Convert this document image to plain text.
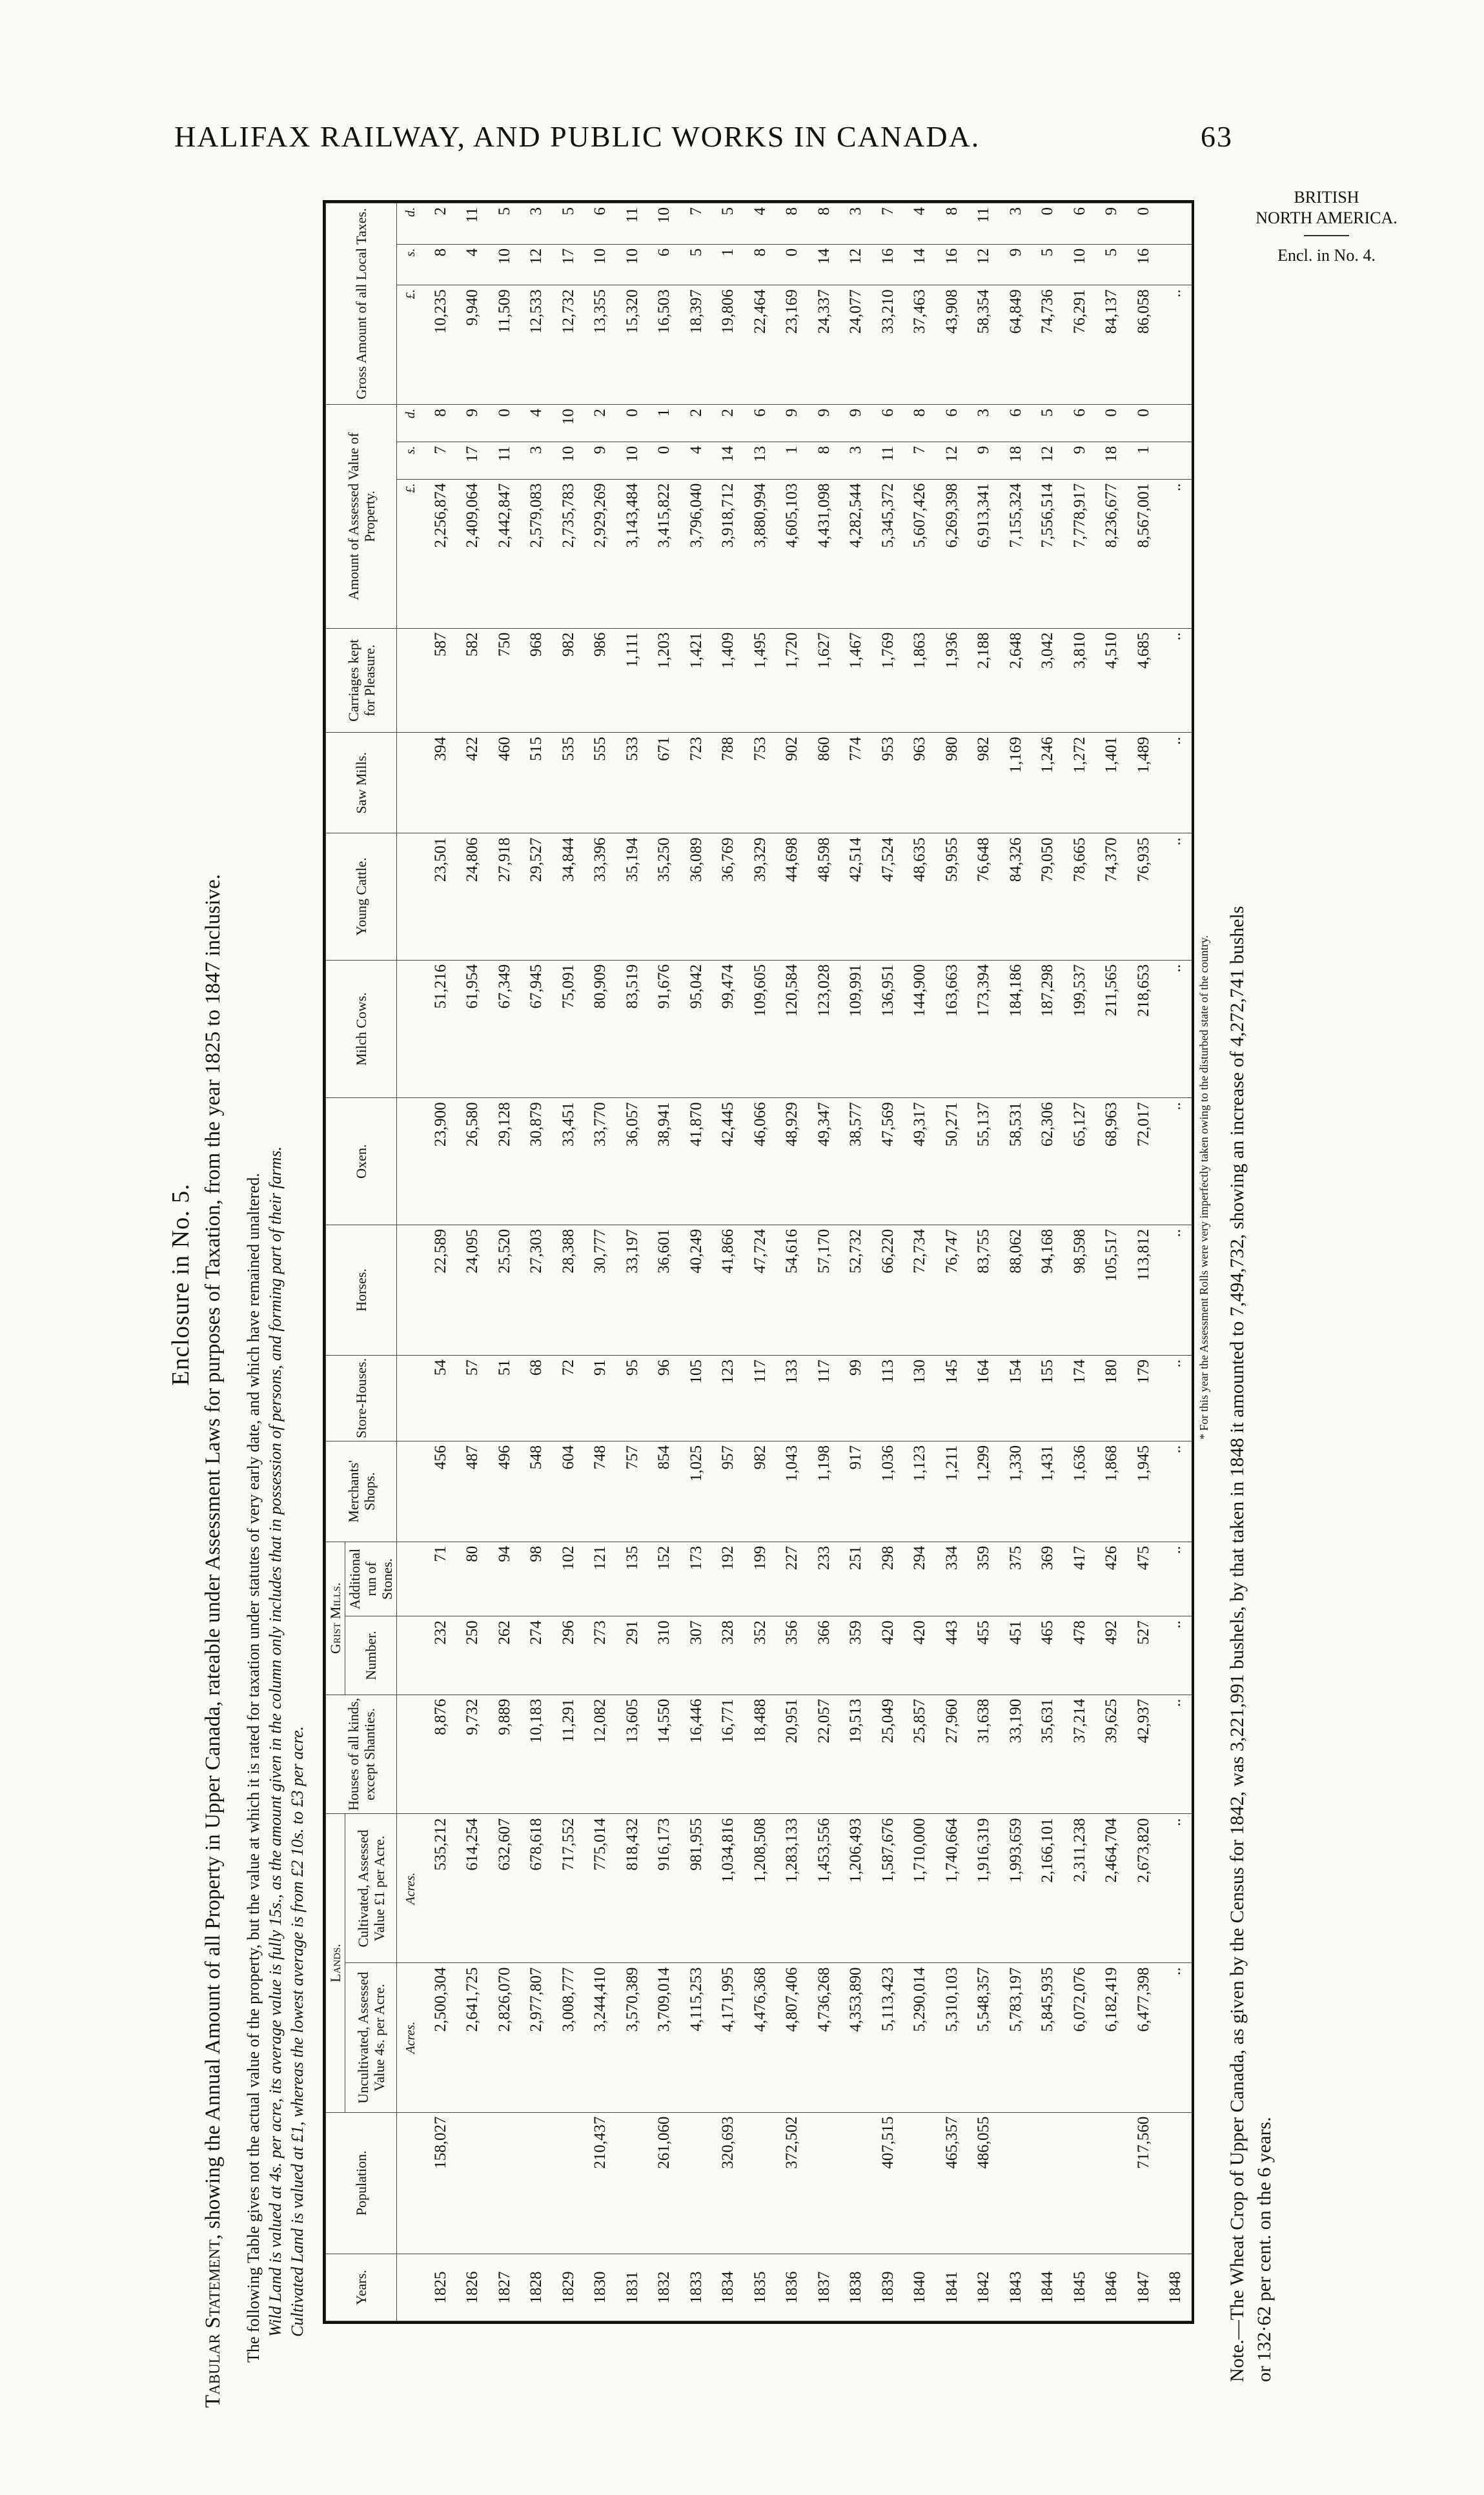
HALIFAX RAILWAY, AND PUBLIC WORKS IN CANADA.	63
BRITISH
NORTH AMERICA.
Encl. in No. 4.
Enclosure in No. 5.
Tabular Statement, showing the Annual Amount of all Property in Upper Canada, rateable under Assessment Laws for purposes of Taxation, from the year 1825 to 1847 inclusive. The following Table gives not the actual value of the property, but the value at which it is rated for taxation under statutes of very early date, and which have remained unaltered. Wild Land is valued at 4s. per acre, its average value is fully 15s., as the amount given in the column only includes that in possession of persons, and forming part of their farms. Cultivated Land is valued at £1, whereas the lowest average is from £2 10s. to £3 per acre.	Years.	Population.	Lands.		Houses of all kinds, except Shanties.	Grist Mills.		Merchants' Shops.	Store-Houses.	Horses.	Oxen.	Milch Cows.	Young Cattle.	Saw Mills.	Carriages kept for Pleasure.	Amount of Assessed Value of Property.			Gross Amount of all Local Taxes.		
		Uncultivated, Assessed Value 4s. per Acre.	Cultivated, Assessed Value £1 per Acre.		Number.	Additional run of Stones.														
		Acres.	Acres.												£.	s.	d.	£.	s.	d.
1825	158,027	2,500,304	535,212	8,876	232	71	456	54	22,589	23,900	51,216	23,501	394	587	2,256,874	7	8	10,235	8	2
1826		2,641,725	614,254	9,732	250	80	487	57	24,095	26,580	61,954	24,806	422	582	2,409,064	17	9	9,940	4	11
1827		2,826,070	632,607	9,889	262	94	496	51	25,520	29,128	67,349	27,918	460	750	2,442,847	11	0	11,509	10	5
1828		2,977,807	678,618	10,183	274	98	548	68	27,303	30,879	67,945	29,527	515	968	2,579,083	3	4	12,533	12	3
1829		3,008,777	717,552	11,291	296	102	604	72	28,388	33,451	75,091	34,844	535	982	2,735,783	10	10	12,732	17	5
1830	210,437	3,244,410	775,014	12,082	273	121	748	91	30,777	33,770	80,909	33,396	555	986	2,929,269	9	2	13,355	10	6
1831		3,570,389	818,432	13,605	291	135	757	95	33,197	36,057	83,519	35,194	533	1,111	3,143,484	10	0	15,320	10	11
1832	261,060	3,709,014	916,173	14,550	310	152	854	96	36,601	38,941	91,676	35,250	671	1,203	3,415,822	0	1	16,503	6	10
1833		4,115,253	981,955	16,446	307	173	1,025	105	40,249	41,870	95,042	36,089	723	1,421	3,796,040	4	2	18,397	5	7
1834	320,693	4,171,995	1,034,816	16,771	328	192	957	123	41,866	42,445	99,474	36,769	788	1,409	3,918,712	14	2	19,806	1	5
1835		4,476,368	1,208,508	18,488	352	199	982	117	47,724	46,066	109,605	39,329	753	1,495	3,880,994	13	6	22,464	8	4
1836	372,502	4,807,406	1,283,133	20,951	356	227	1,043	133	54,616	48,929	120,584	44,698	902	1,720	4,605,103	1	9	23,169	0	8
1837		4,736,268	1,453,556	22,057	366	233	1,198	117	57,170	49,347	123,028	48,598	860	1,627	4,431,098	8	9	24,337	14	8
1838		4,353,890	1,206,493	19,513	359	251	917	99	52,732	38,577	109,991	42,514	774	1,467	4,282,544	3	9	24,077	12	3
1839	407,515	5,113,423	1,587,676	25,049	420	298	1,036	113	66,220	47,569	136,951	47,524	953	1,769	5,345,372	11	6	33,210	16	7
1840		5,290,014	1,710,000	25,857	420	294	1,123	130	72,734	49,317	144,900	48,635	963	1,863	5,607,426	7	8	37,463	14	4
1841	465,357	5,310,103	1,740,664	27,960	443	334	1,211	145	76,747	50,271	163,663	59,955	980	1,936	6,269,398	12	6	43,908	16	8
1842	486,055	5,548,357	1,916,319	31,638	455	359	1,299	164	83,755	55,137	173,394	76,648	982	2,188	6,913,341	9	3	58,354	12	11
1843		5,783,197	1,993,659	33,190	451	375	1,330	154	88,062	58,531	184,186	84,326	1,169	2,648	7,155,324	18	6	64,849	9	3
1844		5,845,935	2,166,101	35,631	465	369	1,431	155	94,168	62,306	187,298	79,050	1,246	3,042	7,556,514	12	5	74,736	5	0
1845		6,072,076	2,311,238	37,214	478	417	1,636	174	98,598	65,127	199,537	78,665	1,272	3,810	7,778,917	9	6	76,291	10	6
1846		6,182,419	2,464,704	39,625	492	426	1,868	180	105,517	68,963	211,565	74,370	1,401	4,510	8,236,677	18	0	84,137	5	9
1847	717,560	6,477,398	2,673,820	42,937	527	475	1,945	179	113,812	72,017	218,653	76,935	1,489	4,685	8,567,001	1	0	86,058	16	0
1848		..	..	..	..	..	..	..	..	..	..	..	..	..	..			..		
* For this year the Assessment Rolls were very imperfectly taken owing to the disturbed state of the country. Note.—The Wheat Crop of Upper Canada, as given by the Census for 1842, was 3,221,991 bushels, by that taken in 1848 it amounted to 7,494,732, showing an increase of 4,272,741 bushels or 132·62 per cent. on the 6 years.
